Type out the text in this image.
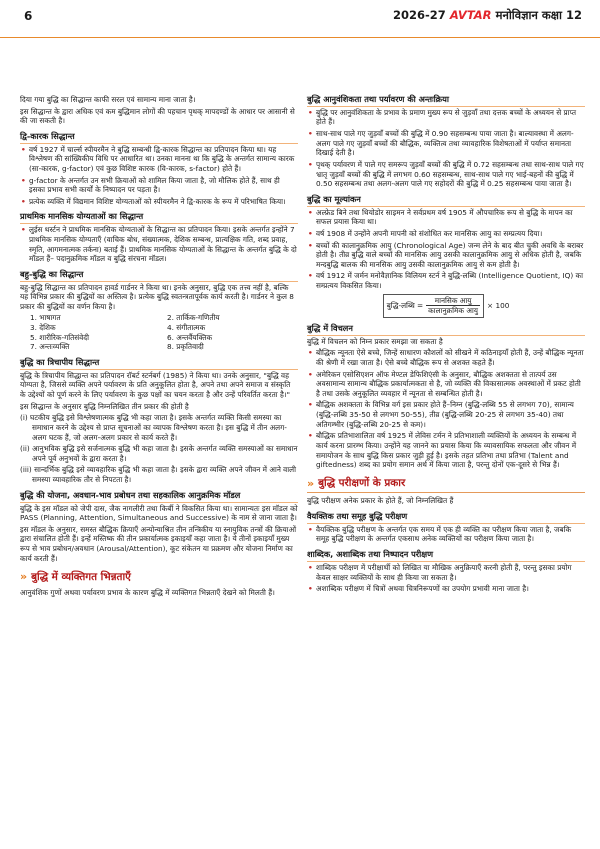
6	2026-27 AVTAR मनोविज्ञान कक्षा 12

दिया गया बुद्धि का सिद्धान्त काफी सरल एवं सामान्य माना जाता है।

इस सिद्धान्त के द्वारा अधिक एवं कम बुद्धिमान लोगों की पहचान पृथक् मापदण्डों के आधार पर आसानी से की जा सकती है।

द्वि-कारक सिद्धान्त
• वर्ष 1927 में चार्ल्स स्पीयरमैन ने बुद्धि सम्बन्धी द्वि-कारक सिद्धान्त का प्रतिपादन किया था। यह विश्लेषण की सांख्यिकीय विधि पर आधारित था। उनका मानना था कि बुद्धि के अन्तर्गत सामान्य कारक (सा-कारक, g-factor) एवं कुछ विशिष्ट कारक (वि-कारक, s-factor) होते हैं।
• g-factor के अन्तर्गत उन सभी क्रियाओं को शामिल किया जाता है, जो मौलिक होते हैं, साथ ही इसका प्रभाव सभी कार्यों के निष्पादन पर पड़ता है।
• प्रत्येक व्यक्ति में विद्यमान विशिष्ट योग्यताओं को स्पीयरमैन ने द्वि-कारक के रूप में परिभाषित किया।
प्राथमिक मानसिक योग्यताओं का सिद्धान्त
• लुईस थर्स्टन ने प्राथमिक मानसिक योग्यताओं के सिद्धान्त का प्रतिपादन किया। इसके अन्तर्गत इन्होंने 7 प्राथमिक मानसिक योग्यताएँ (वाचिक बोध, संख्यात्मक, देशिक सम्बन्ध, प्रात्यक्षिक गति, शब्द प्रवाह, स्मृति, आगमनात्मक तर्कना) बताई हैं। प्राथमिक मानसिक योग्यताओं के सिद्धान्त के अन्तर्गत बुद्धि के दो मॉडल हैं– पदानुक्रमिक मॉडल व बुद्धि संरचना मॉडल।
बहु-बुद्धि का सिद्धान्त

बहु-बुद्धि सिद्धान्त का प्रतिपादन हावर्ड गार्डनर ने किया था। इनके अनुसार, बुद्धि एक तत्त्व नहीं है, बल्कि यह विभिन्न प्रकार की बुद्धियों का अस्तित्व है। प्रत्येक बुद्धि स्वतन्त्रतापूर्वक कार्य करती है। गार्डनर ने कुल 8 प्रकार की बुद्धियों का वर्णन किया है।

1. भाषागत	2. तार्किक-गणितीय
3. देशिक	4. संगीतात्मक
5. शारीरिक-गतिसंवेदी	6. अन्तर्वैयक्तिक
7. अन्तःव्यक्ति	8. प्रकृतिवादी
बुद्धि का त्रिचापीय सिद्धान्त

बुद्धि के त्रिचापीय सिद्धान्त का प्रतिपादन रॉबर्ट स्टर्नबर्ग (1985) ने किया था। उनके अनुसार, "बुद्धि वह योग्यता है, जिससे व्यक्ति अपने पर्यावरण के प्रति अनुकूलित होता है, अपने तथा अपने समाज व संस्कृति के उद्देश्यों को पूर्ण करने के लिए पर्यावरण के कुछ पक्षों का चयन करता है और उन्हें परिवर्तित करता है।"

इस सिद्धान्त के अनुसार बुद्धि निम्नलिखित तीन प्रकार की होती है

(i) घटकीय बुद्धि इसे विश्लेषणात्मक बुद्धि भी कहा जाता है। इसके अन्तर्गत व्यक्ति किसी समस्या का समाधान करने के उद्देश्य से प्राप्त सूचनाओं का व्यापक विश्लेषण करता है। इस बुद्धि में तीन अलग-अलग घटक हैं, जो अलग-अलग प्रकार से कार्य करते हैं।
(ii) आनुभविक बुद्धि इसे सर्जनात्मक बुद्धि भी कहा जाता है। इसके अन्तर्गत व्यक्ति समस्याओं का समाधान अपने पूर्व अनुभवों के द्वारा करता है।
(iii) सान्दर्भिक बुद्धि इसे व्यावहारिक बुद्धि भी कहा जाता है। इसके द्वारा व्यक्ति अपने जीवन में आने वाली समस्या व्यावहारिक तौर से निपटता है।
बुद्धि की योजना, अवधान-भाव प्रबोधन तथा सहकालिक आनुक्रमिक मॉडल

बुद्धि के इस मॉडल को जेपी दास, जैक नागलीरी तथा किर्बी ने विकसित किया था। सामान्यतः इस मॉडल को PASS (Planning, Attention, Simultaneous and Successive) के नाम से जाना जाता है।

इस मॉडल के अनुसार, समस्त बौद्धिक क्रियाएँ अन्योन्याश्रित तीन तन्त्रिकीय या स्नायुविक तन्त्रों की क्रियाओं द्वारा संचालित होती हैं। इन्हें मस्तिष्क की तीन प्रकार्यात्मक इकाइयाँ कहा जाता है। ये तीनों इकाइयाँ मुख्य रूप से भाव प्रबोधन/अवधान (Arousal/Attention), कूट संकेतन या प्रक्रमण और योजना निर्माण का कार्य करती हैं।

» बुद्धि में व्यक्तिगत भिन्नताएँ

आनुवंशिक गुणों अथवा पर्यावरण प्रभाव के कारण बुद्धि में व्यक्तिगत भिन्नताएँ देखने को मिलती हैं।

बुद्धि आनुवंशिकता तथा पर्यावरण की अन्तःक्रिया
• बुद्धि पर आनुवंशिकता के प्रभाव के प्रमाण मुख्य रूप से जुड़वाँ तथा दत्तक बच्चों के अध्ययन से प्राप्त होते हैं।
• साथ-साथ पाले गए जुड़वाँ बच्चों की बुद्धि में 0.90 सहसम्बन्ध पाया जाता है। बाल्यावस्था में अलग-अलग पाले गए जुड़वाँ बच्चों की बौद्धिक, व्यक्तित्व तथा व्यावहारिक विशेषताओं में पर्याप्त समानता दिखाई देती है।
• पृथक् पर्यावरण में पाले गए समरूप जुड़वाँ बच्चों की बुद्धि में 0.72 सहसम्बन्ध तथा साथ-साथ पाले गए भ्रातृ जुड़वाँ बच्चों की बुद्धि में लगभग 0.60 सहसम्बन्ध, साथ-साथ पाले गए भाई-बहनों की बुद्धि में 0.50 सहसम्बन्ध तथा अलग-अलग पाले गए सहोदरों की बुद्धि में 0.25 सहसम्बन्ध पाया जाता है।
बुद्धि का मूल्यांकन
• अल्फ्रेड बिने तथा थियोडोर साइमन ने सर्वप्रथम वर्ष 1905 में औपचारिक रूप से बुद्धि के मापन का सफल प्रयास किया था।
• वर्ष 1908 में उन्होंने अपनी मापनी को संशोधित कर मानसिक आयु का सम्प्रत्यय दिया।
• बच्चों की कालानुक्रमिक आयु (Chronological Age) जन्म लेने के बाद बीत चुकी अवधि के बराबर होती है। तीव्र बुद्धि वाले बच्चों की मानसिक आयु उसकी कालानुक्रमिक आयु से अधिक होती है, जबकि मन्दबुद्धि बालक की मानसिक आयु उसकी कालानुक्रमिक आयु से कम होती है।
• वर्ष 1912 में जर्मन मनोवैज्ञानिक विलियम स्टर्न ने बुद्धि-लब्धि (Intelligence Quotient, IQ) का सम्प्रत्यय विकसित किया।
बुद्धि-लब्धि = $\frac{\text{मानसिक आयु}}{\text{कालानुक्रमिक आयु}} \times 100$
बुद्धि में विचलन

बुद्धि में विचलन को निम्न प्रकार समझा जा सकता है

• बौद्धिक न्यूनता ऐसे बच्चे, जिन्हें साधारण कौशलों को सीखने में कठिनाइयाँ होती हैं, उन्हें बौद्धिक न्यूनता की श्रेणी में रखा जाता है। ऐसे बच्चे बौद्धिक रूप से अशक्त कहते हैं।
• अमेरिकन एसोसिएशन ऑफ मेण्टल डेफिशिएंसी के अनुसार, बौद्धिक अशक्तता से तात्पर्य उस अवसामान्य सामान्य बौद्धिक प्रकार्यात्मकता से है, जो व्यक्ति की विकासात्मक अवस्थाओं में प्रकट होती है तथा उसके अनुकूलित व्यवहार में न्यूनता से सम्बन्धित होती है।
• बौद्धिक अशक्तता के विभिन्न वर्ग इस प्रकार होते हैं–निम्न (बुद्धि-लब्धि 55 से लगभग 70), सामान्य (बुद्धि-लब्धि 35-50 से लगभग 50-55), तीव्र (बुद्धि-लब्धि 20-25 से लगभग 35-40) तथा अतिगम्भीर (बुद्धि-लब्धि 20-25 से कम)।
• बौद्धिक प्रतिभाशालिता वर्ष 1925 में लेविस टर्मन ने प्रतिभाशाली व्यक्तियों के अध्ययन के सम्बन्ध में कार्य करना प्रारम्भ किया। उन्होंने यह जानने का प्रयास किया कि व्यावसायिक सफलता और जीवन में समायोजन के साथ बुद्धि किस प्रकार जुड़ी हुई है। इसके तहत प्रतिभा तथा प्रतिभा (Talent and giftedness) शब्द का प्रयोग समान अर्थ में किया जाता है, परन्तु दोनों एक-दूसरे से भिन्न हैं।
» बुद्धि परीक्षणों के प्रकार

बुद्धि परीक्षण अनेक प्रकार के होते हैं, जो निम्नलिखित हैं

वैयक्तिक तथा समूह बुद्धि परीक्षण
• वैयक्तिक बुद्धि परीक्षण के अन्तर्गत एक समय में एक ही व्यक्ति का परीक्षण किया जाता है, जबकि समूह बुद्धि परीक्षण के अन्तर्गत एकसाथ अनेक व्यक्तियों का परीक्षण किया जाता है।
शाब्दिक, अशाब्दिक तथा निष्पादन परीक्षण
• शाब्दिक परीक्षण में परीक्षार्थी को लिखित या मौखिक अनुक्रियाएँ करनी होती हैं, परन्तु इसका प्रयोग केवल साक्षर व्यक्तियों के साथ ही किया जा सकता है।
• अशाब्दिक परीक्षण में चित्रों अथवा चित्रनिरूपणों का उपयोग प्रभावी माना जाता है।
